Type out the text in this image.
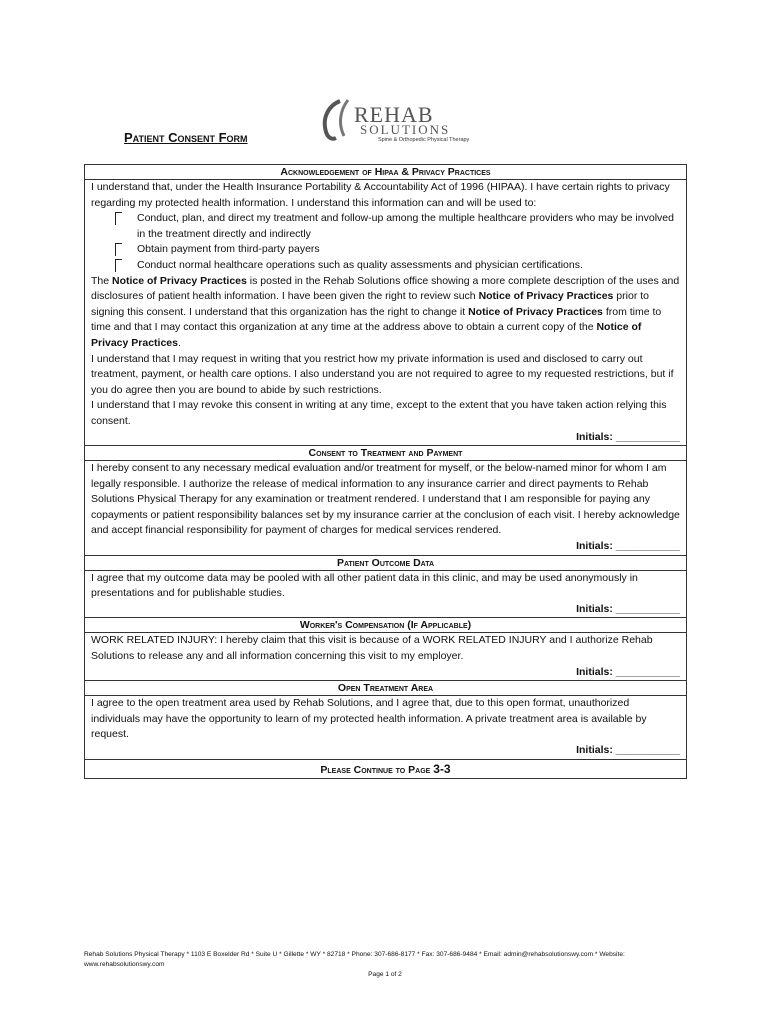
REHAB
SOLUTIONS
Spine & Orthopedic Physical Therapy
Patient Consent Form
Acknowledgement of Hipaa & Privacy Practices

I understand that, under the Health Insurance Portability & Accountability Act of 1996 (HIPAA). I have certain rights to privacy regarding my protected health information. I understand this information can and will be used to:

Conduct, plan, and direct my treatment and follow-up among the multiple healthcare providers who may be involved in the treatment directly and indirectly
Obtain payment from third-party payers
Conduct normal healthcare operations such as quality assessments and physician certifications.

The Notice of Privacy Practices is posted in the Rehab Solutions office showing a more complete description of the uses and disclosures of patient health information. I have been given the right to review such Notice of Privacy Practices prior to signing this consent. I understand that this organization has the right to change it Notice of Privacy Practices from time to time and that I may contact this organization at any time at the address above to obtain a current copy of the Notice of Privacy Practices.

I understand that I may request in writing that you restrict how my private information is used and disclosed to carry out treatment, payment, or health care options. I also understand you are not required to agree to my requested restrictions, but if you do agree then you are bound to abide by such restrictions.

I understand that I may revoke this consent in writing at any time, except to the extent that you have taken action relying this consent.

Initials: ___________
Consent to Treatment and Payment

I hereby consent to any necessary medical evaluation and/or treatment for myself, or the below-named minor for whom I am legally responsible. I authorize the release of medical information to any insurance carrier and direct payments to Rehab Solutions Physical Therapy for any examination or treatment rendered. I understand that I am responsible for paying any copayments or patient responsibility balances set by my insurance carrier at the conclusion of each visit. I hereby acknowledge and accept financial responsibility for payment of charges for medical services rendered.

Initials: ___________
Patient Outcome Data

I agree that my outcome data may be pooled with all other patient data in this clinic, and may be used anonymously in presentations and for publishable studies.

Initials: ___________
Worker's Compensation (If Applicable)

WORK RELATED INJURY: I hereby claim that this visit is because of a WORK RELATED INJURY and I authorize Rehab Solutions to release any and all information concerning this visit to my employer.

Initials: ___________
Open Treatment Area

I agree to the open treatment area used by Rehab Solutions, and I agree that, due to this open format, unauthorized individuals may have the opportunity to learn of my protected health information. A private treatment area is available by request.

Initials: ___________
Please Continue to Page 3-3
Rehab Solutions Physical Therapy * 1103 E Boxelder Rd * Suite U * Gillette * WY * 82718 * Phone: 307-686-8177 * Fax: 307-686-9484 * Email: admin@rehabsolutionswy.com * Website: www.rehabsolutionswy.com
Page 1 of 2
